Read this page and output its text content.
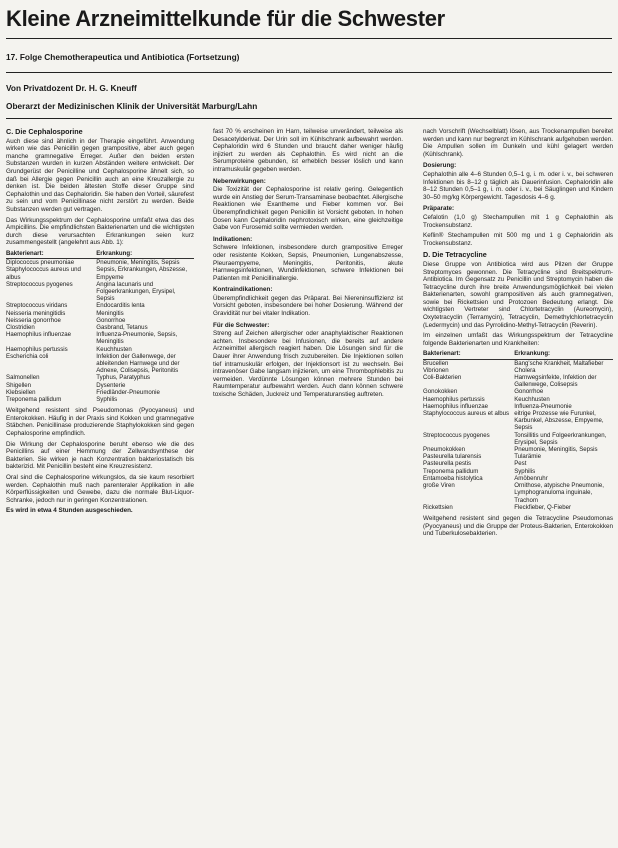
Kleine Arzneimittelkunde für die Schwester
17. Folge Chemotherapeutica und Antibiotica (Fortsetzung)
Von Privatdozent Dr. H. G. Kneuff
Oberarzt der Medizinischen Klinik der Universität Marburg/Lahn
C. Die Cephalosporine

Auch diese sind ähnlich in der Therapie eingeführt. Anwendung wirken wie das Penicillin gegen grampositive, aber auch gegen manche gramnegative Erreger. Außer den beiden ersten Substanzen wurden in kurzen Abständen weitere entwickelt. Der Grundgerüst der Penicilline und Cephalosporine ähnelt sich, so daß bei Allergie gegen Penicillin auch an eine Kreuzallergie zu denken ist. Die beiden ältesten Stoffe dieser Gruppe sind Cephalothin und das Cephaloridin. Sie haben den Vorteil, säurefest zu sein und vom Penicillinase nicht zerstört zu werden. Beide Substanzen werden gut vertragen.

Das Wirkungsspektrum der Cephalosporine umfaßt etwa das des Ampicillins. Die empfindlichsten Bakterienarten und die wichtigsten durch diese verursachten Erkrankungen seien kurz zusammengestellt (angelehnt aus Abb. 1):

Bakterienart:	Erkrankung:
Diplococcus pneumoniae	Pneumonie, Meningitis, Sepsis
Staphylococcus aureus und albus	Sepsis, Erkrankungen, Abszesse, Empyeme
Streptococcus pyogenes	Angina lacunaris und Folgeerkrankungen, Erysipel, Sepsis
Streptococcus viridans	Endocarditis lenta
Neisseria meningitidis	Meningitis
Neisseria gonorrhoe	Gonorrhoe
Clostridien	Gasbrand, Tetanus
Haemophilus influenzae	Influenza-Pneumonie, Sepsis, Meningitis
Haemophilus pertussis	Keuchhusten
Escherichia coli	Infektion der Gallenwege, der ableitenden Harnwege und der Adnexe, Colisepsis, Peritonitis
Salmonellen	Typhus, Paratyphus
Shigellen	Dysenterie
Klebsiellen	Friedländer-Pneumonie
Treponema pallidum	Syphilis

Weitgehend resistent sind Pseudomonas (Pyocyaneus) und Enterokokken. Häufig in der Praxis sind Kokken und gramnegative Stäbchen. Penicillinase produzierende Staphylokokken sind gegen Cephalosporine empfindlich.

Die Wirkung der Cephalosporine beruht ebenso wie die des Penicillins auf einer Hemmung der Zellwandsynthese der Bakterien. Sie wirken je nach Konzentration bakteriostatisch bis bakterizid. Mit Penicillin besteht eine Kreuzresistenz.

Oral sind die Cephalosporine wirkungslos, da sie kaum resorbiert werden. Cephalothin muß nach parenteraler Applikation in alle Körperflüssigkeiten und Gewebe, dazu die normale Blut-Liquor-Schranke, jedoch nur in geringen Konzentrationen.

Es wird in etwa 4 Stunden ausgeschieden.

fast 70 % erscheinen im Harn, teilweise unverändert, teilweise als Desacetylderivat. Der Urin soll im Kühlschrank aufbewahrt werden. Cephaloridin wird 6 Stunden und braucht daher weniger häufig injiziert zu werden als Cephalothin. Es wird nicht an die Serumproteine gebunden, ist erheblich besser löslich und kann intramuskulär gegeben werden.

Nebenwirkungen:

Die Toxizität der Cephalosporine ist relativ gering. Gelegentlich wurde ein Anstieg der Serum-Transaminase beobachtet. Allergische Reaktionen wie Exantheme und Fieber kommen vor. Bei Überempfindlichkeit gegen Penicillin ist Vorsicht geboten. In hohen Dosen kann Cephaloridin nephrotoxisch wirken, eine gleichzeitige Gabe von Furosemid sollte vermieden werden.

Indikationen:

Schwere Infektionen, insbesondere durch grampositive Erreger oder resistente Kokken, Sepsis, Pneumonien, Lungenabszesse, Pleuraempyeme, Meningitis, Peritonitis, akute Harnwegsinfektionen, Wundinfektionen, schwere Infektionen bei Patienten mit Penicillinallergie.

Kontraindikationen:

Überempfindlichkeit gegen das Präparat. Bei Niereninsuffizienz ist Vorsicht geboten, insbesondere bei hoher Dosierung. Während der Gravidität nur bei vitaler Indikation.

Für die Schwester:

Streng auf Zeichen allergischer oder anaphylaktischer Reaktionen achten. Insbesondere bei Infusionen, die bereits auf andere Arzneimittel allergisch reagiert haben. Die Lösungen sind für die Dauer ihrer Anwendung frisch zuzubereiten. Die Injektionen sollen tief intramuskulär erfolgen, der Injektionsort ist zu wechseln. Bei intravenöser Gabe langsam injizieren, um eine Thrombophlebitis zu vermeiden. Verdünnte Lösungen können mehrere Stunden bei Raumtemperatur aufbewahrt werden. Auch dann können schwere toxische Schäden, Juckreiz und Temperaturanstieg auftreten.

nach Vorschrift (Wechselblatt) lösen, aus Trockenampullen bereitet werden und kann nur begrenzt im Kühlschrank aufgehoben werden. Die Ampullen sollen im Dunkeln und kühl gelagert werden (Kühlschrank).

Dosierung:

Cephalothin alle 4–6 Stunden 0,5–1 g, i. m. oder i. v., bei schweren Infektionen bis 8–12 g täglich als Dauerinfusion. Cephaloridin alle 8–12 Stunden 0,5–1 g, i. m. oder i. v., bei Säuglingen und Kindern 30–50 mg/kg Körpergewicht. Tagesdosis 4–6 g.

Präparate:

Cefalotin (1,0 g) Stechampullen mit 1 g Cephalothin als Trockensubstanz.

Keflin® Stechampullen mit 500 mg und 1 g Cephaloridin als Trockensubstanz.

D. Die Tetracycline

Diese Gruppe von Antibiotica wird aus Pilzen der Gruppe Streptomyces gewonnen. Die Tetracycline sind Breitspektrum-Antibiotica. Im Gegensatz zu Penicillin und Streptomycin haben die Tetracycline durch ihre breite Anwendungsmöglichkeit bei vielen Bakterienarten, sowohl grampositiven als auch gramnegativen, sowie bei Rickettsien und Protozoen Bedeutung erlangt. Die wichtigsten Vertreter sind Chlortetracyclin (Aureomycin), Oxytetracyclin (Terramycin), Tetracyclin, Demethylchlortetracyclin (Ledermycin) und das Pyrrolidino-Methyl-Tetracyclin (Reverin).

Im einzelnen umfaßt das Wirkungsspektrum der Tetracycline folgende Bakterienarten und Krankheiten:

Bakterienart:	Erkrankung:
Brucellen	Bang'sche Krankheit, Maltafieber
Vibrionen	Cholera
Coli-Bakterien	Harnwegsinfekte, Infektion der Gallenwege, Colisepsis
Gonokokken	Gonorrhoe
Haemophilus pertussis	Keuchhusten
Haemophilus influenzae	Influenza-Pneumonie
Staphylococcus aureus et albus	eitrige Prozesse wie Furunkel, Karbunkel, Abszesse, Empyeme, Sepsis
Streptococcus pyogenes	Tonsillitis und Folgeerkrankungen, Erysipel, Sepsis
Pneumokokken	Pneumonie, Meningitis, Sepsis
Pasteurella tularensis	Tularämie
Pasteurella pestis	Pest
Treponema pallidum	Syphilis
Entamoeba histolytica	Amöbenruhr
große Viren	Ornithose, atypische Pneumonie, Lymphogranuloma inguinale, Trachom
Rickettsien	Fleckfieber, Q-Fieber

Weitgehend resistent sind gegen die Tetracycline Pseudomonas (Pyocyaneus) und die Gruppe der Proteus-Bakterien, Enterokokken und Tuberkulosebakterien.
